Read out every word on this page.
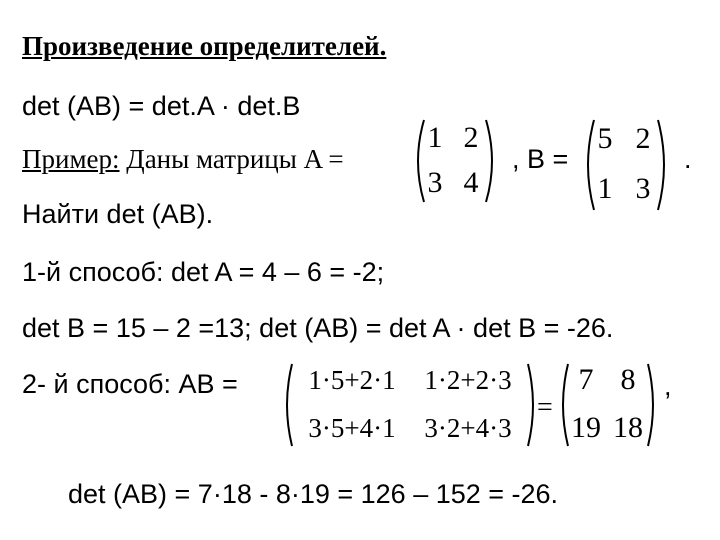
Произведение определителей.
det (AB) = det.A · det.B
Пример: Даны матрицы A =
1 2
3 4
, B =
5 2
1 3
.
Найти det (AB).
1-й способ: det A = 4 – 6 = -2;
det B = 15 – 2 =13; det (AB) = det A · det B = -26.
2- й способ: AB =	1·5+2·1	1·2+2·3
3·5+4·1	3·2+4·3
=
7 8
19 18
,
det (AB) = 7·18 - 8·19 = 126 – 152 = -26.
